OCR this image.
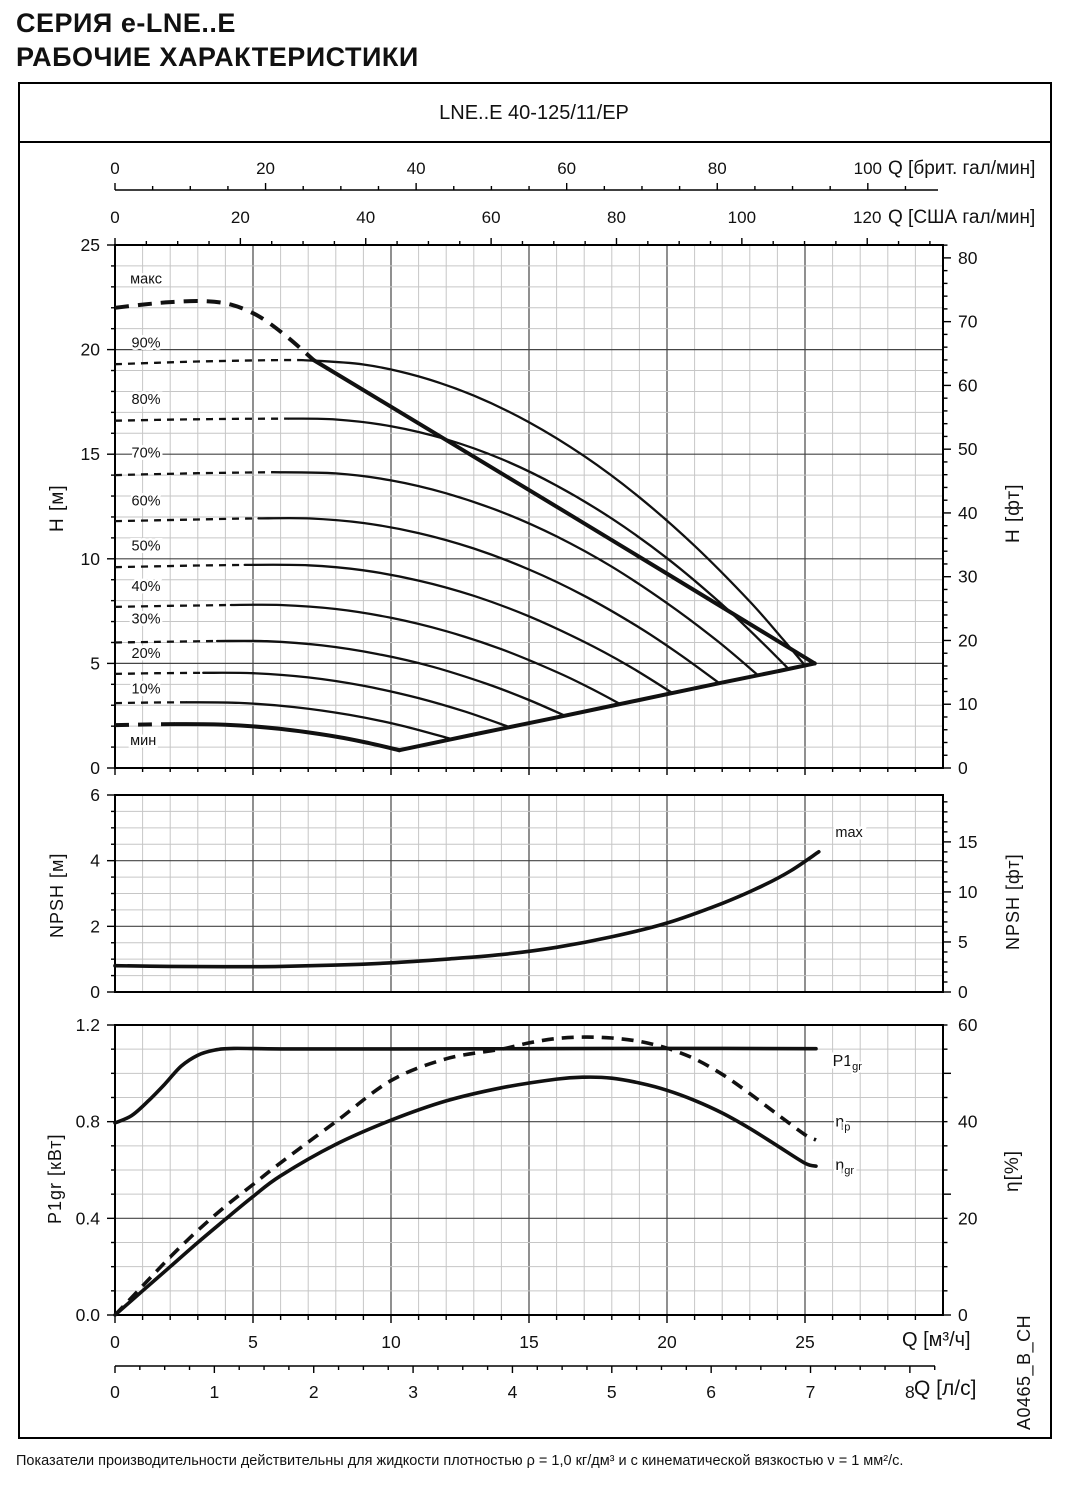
СЕРИЯ e-LNE..E
РАБОЧИЕ ХАРАКТЕРИСТИКИ
LNE..E 40-125/11/EP
0
5
10
15
20
25
0
10
20
30
40
50
60
70
80
0	20	40	60	80	100	120
макс
90%
80%
70%
60%
50%
40%
30%
20%
10%
мин
0
2
4
6
0
5
10
15
max
0.0
0.4
0.8
1.2
0
20
40
60
0	5	10	15	20	25
$P1_{gr}$
$\eta_p$
$\eta_{gr}$
0	20	40	60	80	100
0	1	2	3	4	5	6	7	8
Q [брит. гал/мин]
Q [США гал/мин]
Q [м³/ч]
Q [л/с]
Н [м]	Н [фт]
NPSH [м]	NPSH [фт]
P1gr [кВт]	η[%]
A0465_B_CH
Показатели производительности действительны для жидкости плотностью ρ = 1,0 кг/дм³ и с кинематической вязкостью ν = 1 мм²/с.
